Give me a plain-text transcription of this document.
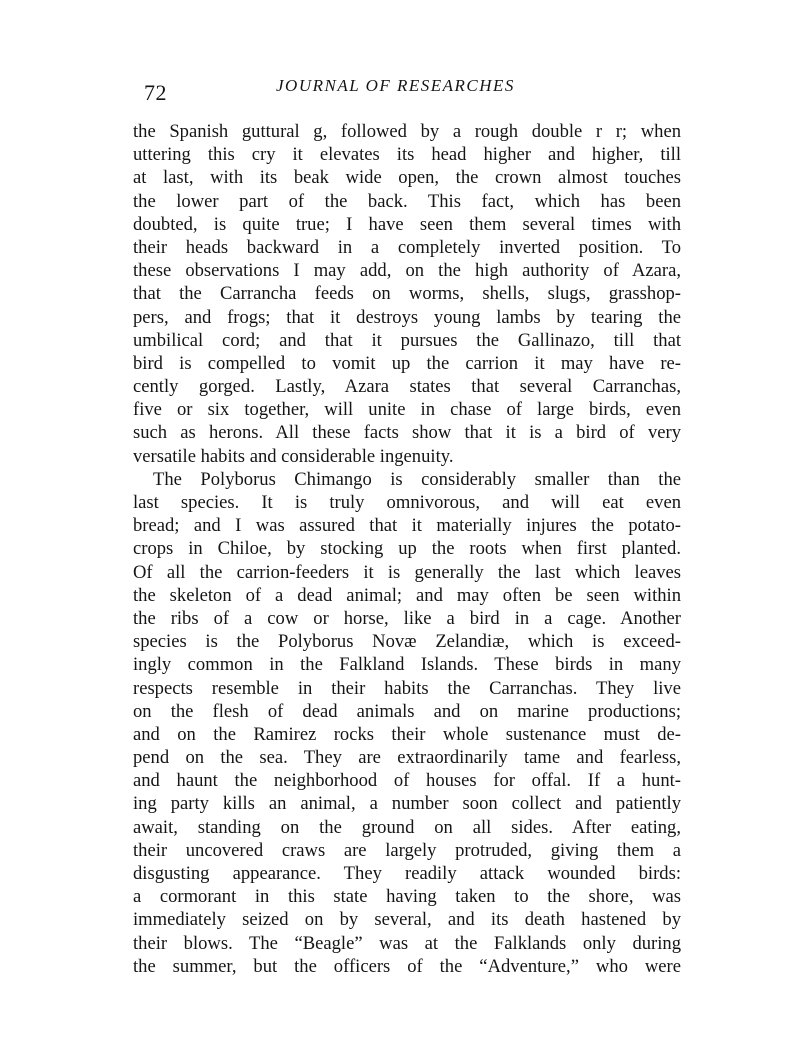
72	JOURNAL OF RESEARCHES
the Spanish guttural g, followed by a rough double r r; when
uttering this cry it elevates its head higher and higher, till
at last, with its beak wide open, the crown almost touches
the lower part of the back. This fact, which has been
doubted, is quite true; I have seen them several times with
their heads backward in a completely inverted position. To
these observations I may add, on the high authority of Azara,
that the Carrancha feeds on worms, shells, slugs, grasshop-
pers, and frogs; that it destroys young lambs by tearing the
umbilical cord; and that it pursues the Gallinazo, till that
bird is compelled to vomit up the carrion it may have re-
cently gorged. Lastly, Azara states that several Carranchas,
five or six together, will unite in chase of large birds, even
such as herons. All these facts show that it is a bird of very
versatile habits and considerable ingenuity.
The Polyborus Chimango is considerably smaller than the
last species. It is truly omnivorous, and will eat even
bread; and I was assured that it materially injures the potato-
crops in Chiloe, by stocking up the roots when first planted.
Of all the carrion-feeders it is generally the last which leaves
the skeleton of a dead animal; and may often be seen within
the ribs of a cow or horse, like a bird in a cage. Another
species is the Polyborus Novæ Zelandiæ, which is exceed-
ingly common in the Falkland Islands. These birds in many
respects resemble in their habits the Carranchas. They live
on the flesh of dead animals and on marine productions;
and on the Ramirez rocks their whole sustenance must de-
pend on the sea. They are extraordinarily tame and fearless,
and haunt the neighborhood of houses for offal. If a hunt-
ing party kills an animal, a number soon collect and patiently
await, standing on the ground on all sides. After eating,
their uncovered craws are largely protruded, giving them a
disgusting appearance. They readily attack wounded birds:
a cormorant in this state having taken to the shore, was
immediately seized on by several, and its death hastened by
their blows. The “Beagle” was at the Falklands only during
the summer, but the officers of the “Adventure,” who were
